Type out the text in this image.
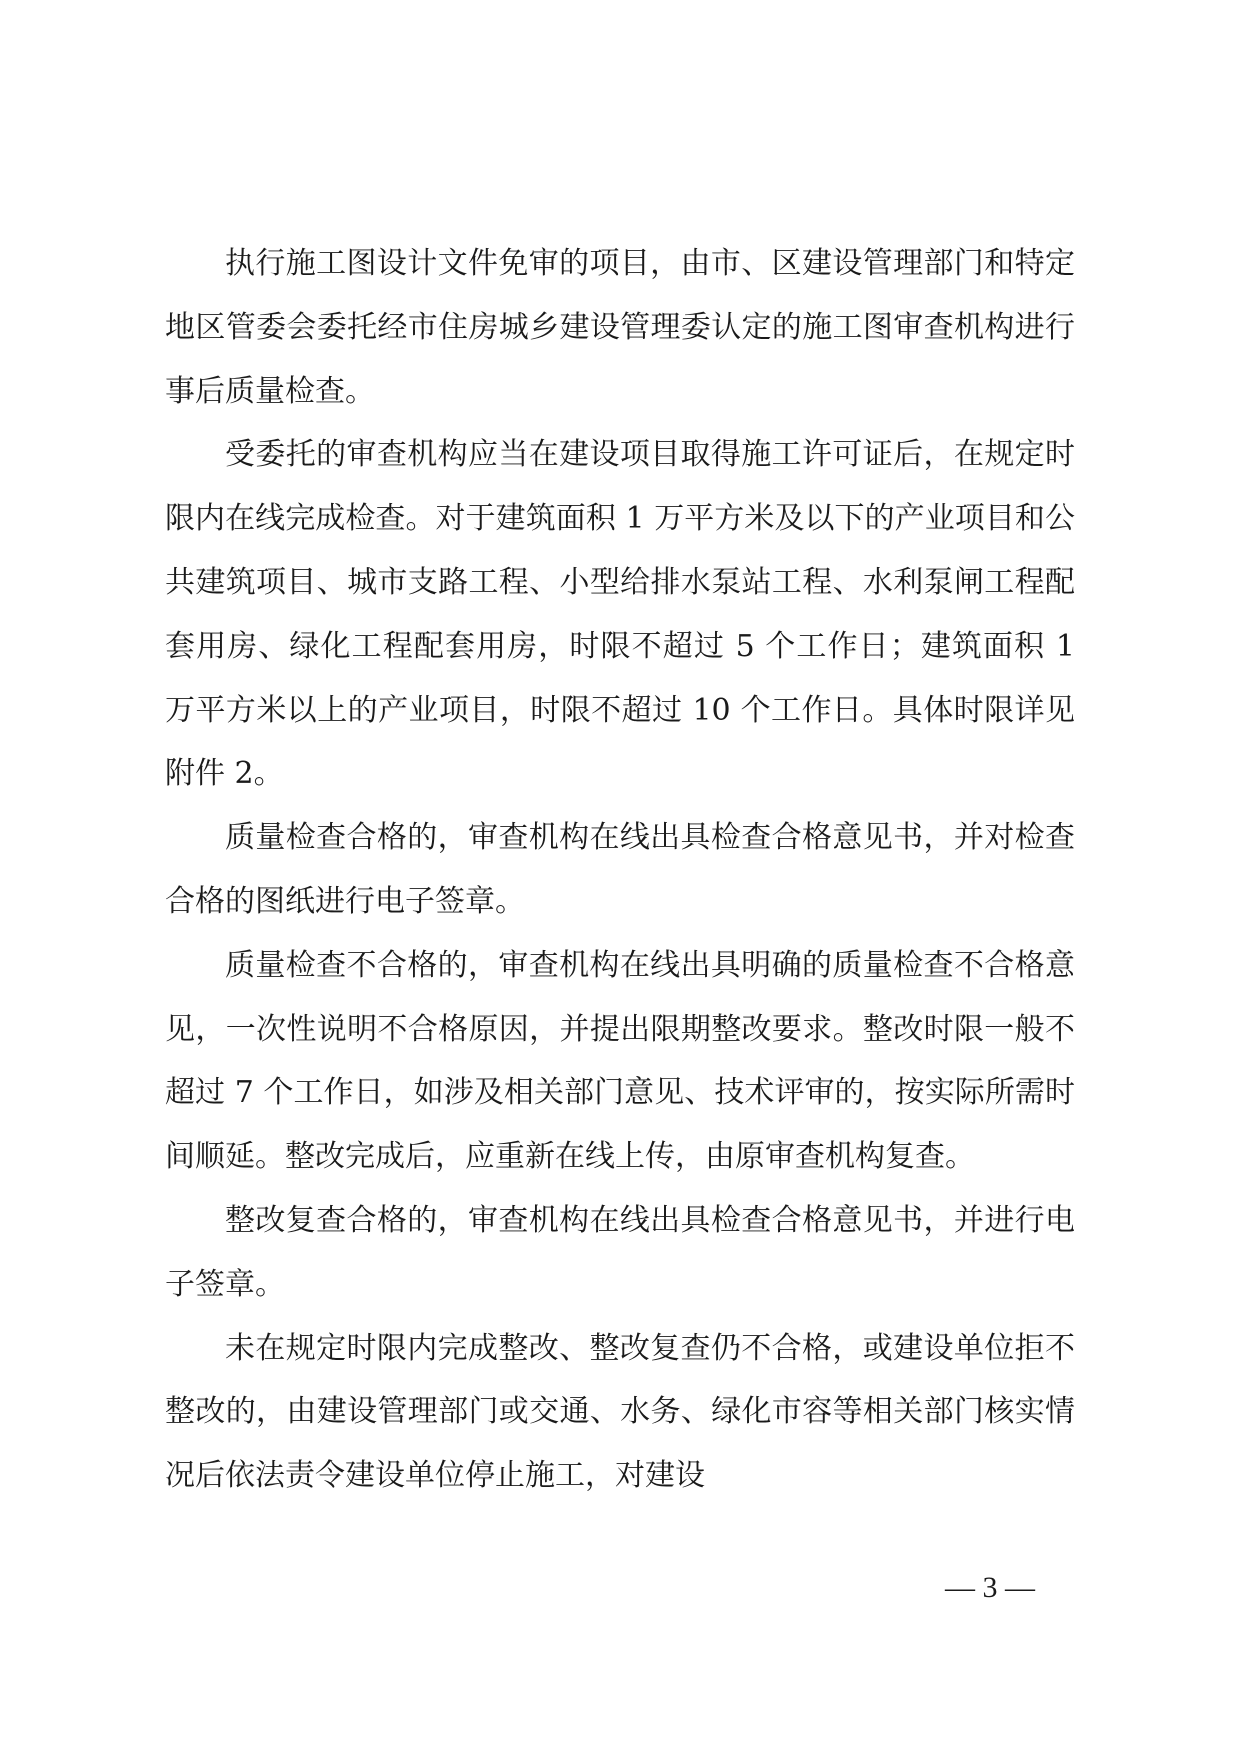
执行施工图设计文件免审的项目，由市、区建设管理部门和特定地区管委会委托经市住房城乡建设管理委认定的施工图审查机构进行事后质量检查。

受委托的审查机构应当在建设项目取得施工许可证后，在规定时限内在线完成检查。对于建筑面积 1 万平方米及以下的产业项目和公共建筑项目、城市支路工程、小型给排水泵站工程、水利泵闸工程配套用房、绿化工程配套用房，时限不超过 5 个工作日；建筑面积 1 万平方米以上的产业项目，时限不超过 10 个工作日。具体时限详见附件 2。

质量检查合格的，审查机构在线出具检查合格意见书，并对检查合格的图纸进行电子签章。

质量检查不合格的，审查机构在线出具明确的质量检查不合格意见，一次性说明不合格原因，并提出限期整改要求。整改时限一般不超过 7 个工作日，如涉及相关部门意见、技术评审的，按实际所需时间顺延。整改完成后，应重新在线上传，由原审查机构复查。

整改复查合格的，审查机构在线出具检查合格意见书，并进行电子签章。

未在规定时限内完成整改、整改复查仍不合格，或建设单位拒不整改的，由建设管理部门或交通、水务、绿化市容等相关部门核实情况后依法责令建设单位停止施工，对建设

— 3 —
